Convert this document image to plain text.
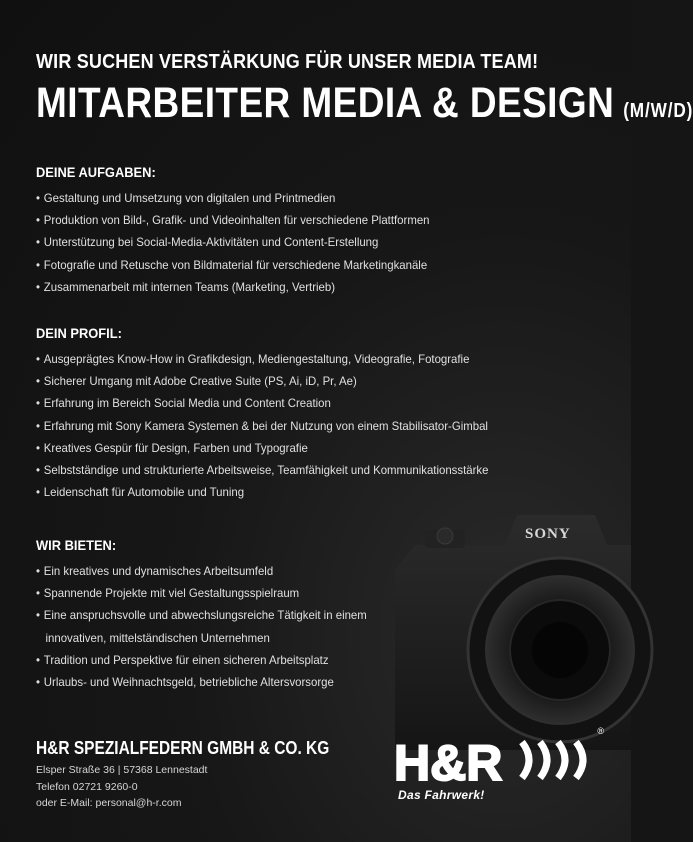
SONY
WIR SUCHEN VERSTÄRKUNG FÜR UNSER MEDIA TEAM!
MITARBEITER MEDIA & DESIGN (M/W/D)
DEINE AUFGABEN:
• Gestaltung und Umsetzung von digitalen und Printmedien
• Produktion von Bild-, Grafik- und Videoinhalten für verschiedene Plattformen
• Unterstützung bei Social-Media-Aktivitäten und Content-Erstellung
• Fotografie und Retusche von Bildmaterial für verschiedene Marketingkanäle
• Zusammenarbeit mit internen Teams (Marketing, Vertrieb)
DEIN PROFIL:
• Ausgeprägtes Know-How in Grafikdesign, Mediengestaltung, Videografie, Fotografie
• Sicherer Umgang mit Adobe Creative Suite (PS, Ai, iD, Pr, Ae)
• Erfahrung im Bereich Social Media und Content Creation
• Erfahrung mit Sony Kamera Systemen & bei der Nutzung von einem Stabilisator-Gimbal
• Kreatives Gespür für Design, Farben und Typografie
• Selbstständige und strukturierte Arbeitsweise, Teamfähigkeit und Kommunikationsstärke
• Leidenschaft für Automobile und Tuning
WIR BIETEN:
• Ein kreatives und dynamisches Arbeitsumfeld
• Spannende Projekte mit viel Gestaltungsspielraum
• Eine anspruchsvolle und abwechslungsreiche Tätigkeit in einem
innovativen, mittelständischen Unternehmen
• Tradition und Perspektive für einen sicheren Arbeitsplatz
• Urlaubs- und Weihnachtsgeld, betriebliche Altersvorsorge
H&R SPEZIALFEDERN GMBH & CO. KG
Elsper Straße 36 | 57368 Lennestadt
Telefon 02721 9260-0
oder E-Mail: personal@h-r.com
H&R
®
Das Fahrwerk!
